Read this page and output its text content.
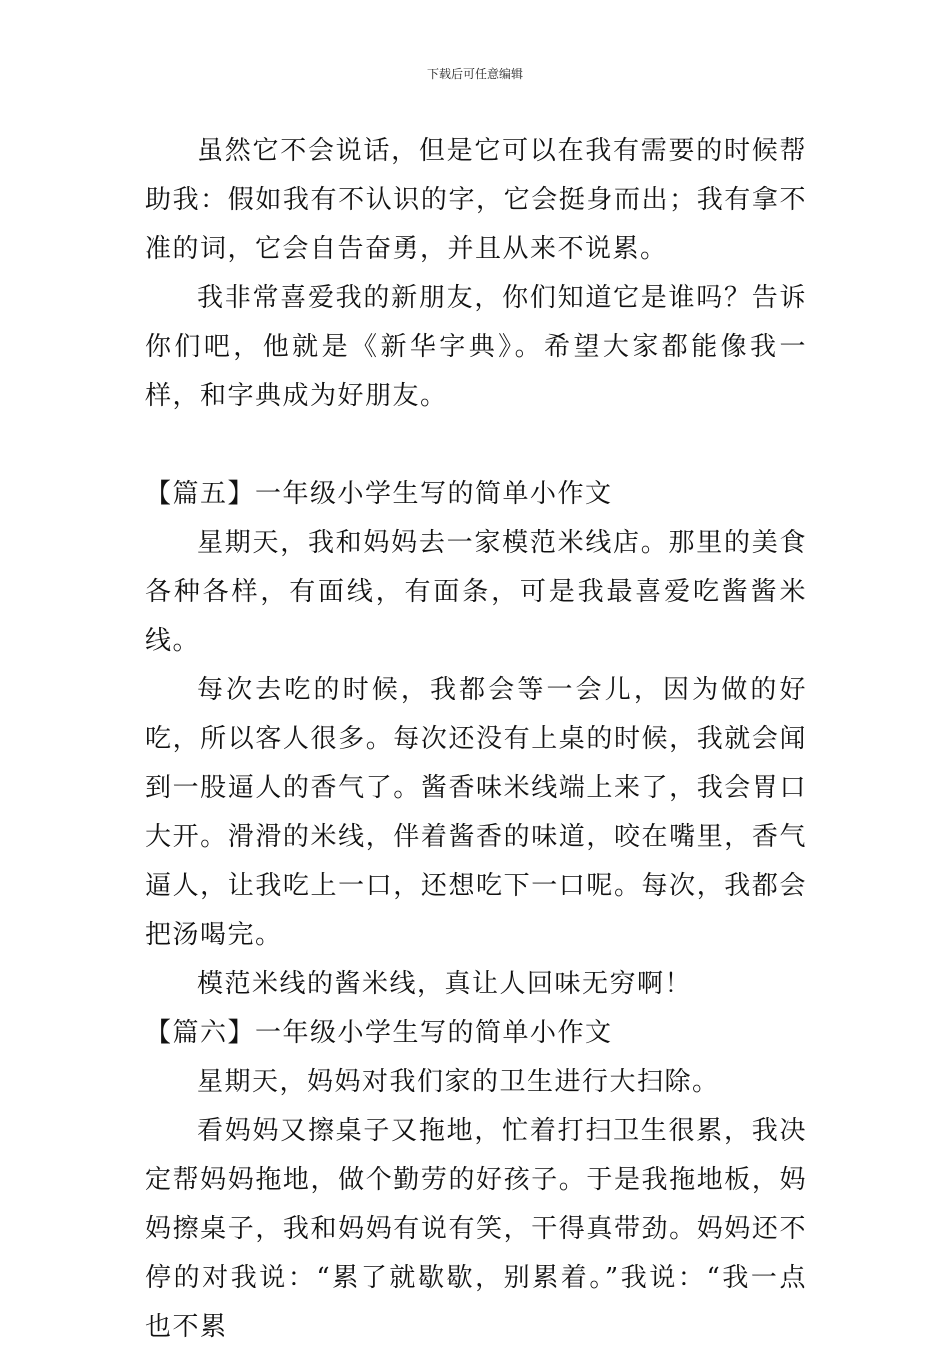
下载后可任意编辑

虽然它不会说话，但是它可以在我有需要的时候帮助我：假如我有不认识的字，它会挺身而出；我有拿不准的词，它会自告奋勇，并且从来不说累。

我非常喜爱我的新朋友，你们知道它是谁吗？告诉你们吧，他就是《新华字典》。希望大家都能像我一样，和字典成为好朋友。

【篇五】一年级小学生写的简单小作文

星期天，我和妈妈去一家模范米线店。那里的美食各种各样，有面线，有面条，可是我最喜爱吃酱酱米线。

每次去吃的时候，我都会等一会儿，因为做的好吃，所以客人很多。每次还没有上桌的时候，我就会闻到一股逼人的香气了。酱香味米线端上来了，我会胃口大开。滑滑的米线，伴着酱香的味道，咬在嘴里，香气逼人，让我吃上一口，还想吃下一口呢。每次，我都会把汤喝完。

模范米线的酱米线，真让人回味无穷啊！

【篇六】一年级小学生写的简单小作文

星期天，妈妈对我们家的卫生进行大扫除。

看妈妈又擦桌子又拖地，忙着打扫卫生很累，我决定帮妈妈拖地，做个勤劳的好孩子。于是我拖地板，妈妈擦桌子，我和妈妈有说有笑，干得真带劲。妈妈还不停的对我说：“累了就歇歇，别累着。”我说：“我一点也不累
